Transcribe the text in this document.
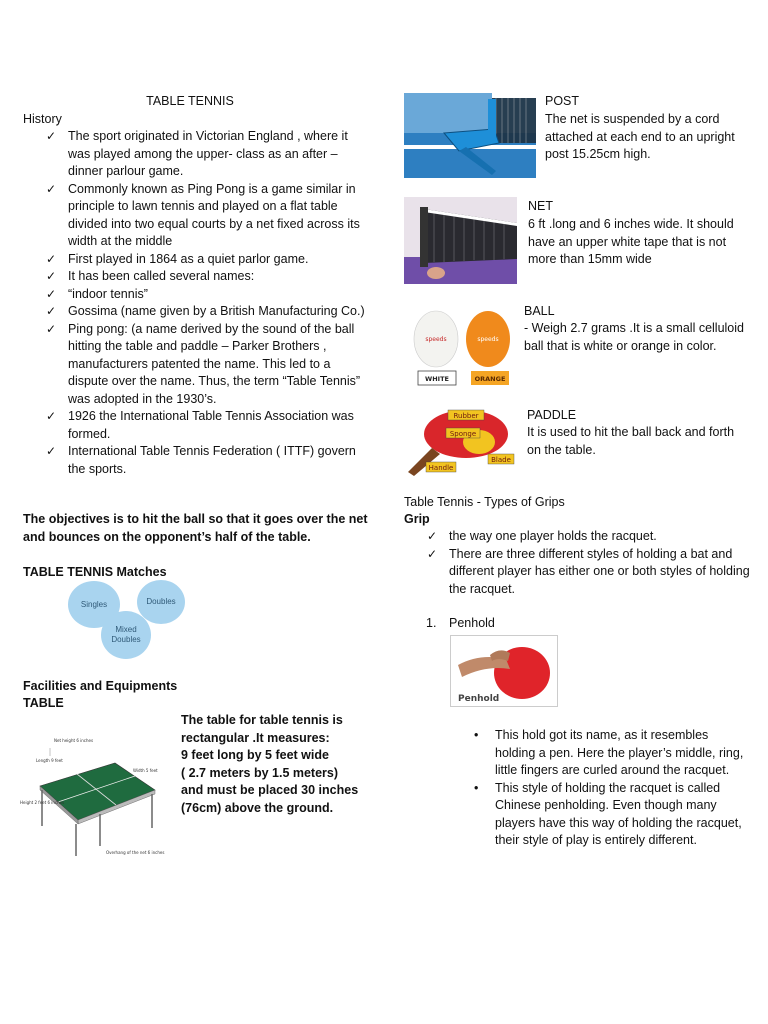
TABLE TENNIS
History
✓ The sport originated in Victorian England , where it was played among the upper- class as an after – dinner parlour game.
✓ Commonly known as Ping Pong is a game similar in principle to lawn tennis and played on a flat table divided into two equal courts by a net fixed across its width at the middle
✓ First played in 1864 as a quiet parlor game.
✓ It has been called several names:
✓ “indoor tennis”
✓ Gossima (name given by a British Manufacturing Co.)
✓ Ping pong: (a name derived by the sound of the ball hitting the table and paddle – Parker Brothers , manufacturers patented the name. This led to a dispute over the name. Thus, the term “Table Tennis” was adopted in the 1930’s.
✓ 1926 the International Table Tennis Association was formed.
✓ International Table Tennis Federation ( ITTF) govern the sports.
The objectives is to hit the ball so that it goes over the net and bounces on the opponent’s half of the table.
TABLE TENNIS Matches
Singles	Doubles
Mixed
Doubles
Facilities and Equipments
TABLE
The table for table tennis is
rectangular .It measures:
9 feet long by 5 feet wide
( 2.7 meters by 1.5 meters)
and must be placed 30 inches
(76cm) above the ground.
Net height 6 inches
Length 9 feet
Width 5 feet
Height 2 feet 6 inches
Overhang of the net 6 inches
POST
The net is suspended by a cord attached at each end to an upright post 15.25cm high.
NET
6 ft .long and 6 inches wide. It should have an upper white tape that is not more than 15mm wide
speeds	speeds
WHITE	ORANGE
BALL
- Weigh 2.7 grams .It is a small celluloid ball that is white or orange in color.
Rubber
Sponge
Blade
Handle
PADDLE
It is used to hit the ball back and forth on the table.
Table Tennis - Types of Grips
Grip
✓ the way one player holds the racquet.
✓ There are three different styles of holding a bat and different player has either one or both styles of holding the racquet.
1. Penhold
Penhold
• This hold got its name, as it resembles holding a pen. Here the player’s middle, ring, little fingers are curled around the racquet.
• This style of holding the racquet is called Chinese penholding. Even though many players have this way of holding the racquet, their style of play is entirely different.
